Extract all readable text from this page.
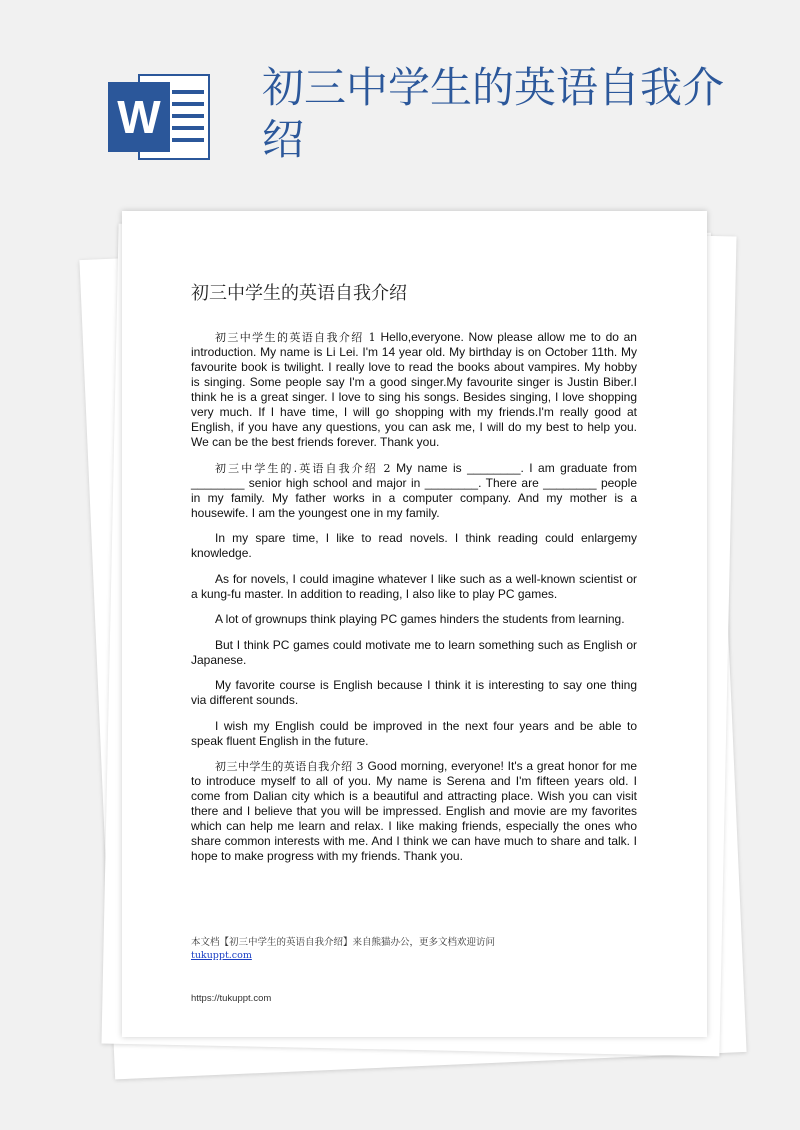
W
初三中学生的英语自我介绍
初三中学生的英语自我介绍

初三中学生的英语自我介绍 1 Hello,everyone. Now please allow me to do an introduction. My name is Li Lei. I'm 14 year old. My birthday is on October 11th. My favourite book is twilight. I really love to read the books about vampires. My hobby is singing. Some people say I'm a good singer.My favourite singer is Justin Biber.I think he is a great singer. I love to sing his songs. Besides singing, I love shopping very much. If I have time, I will go shopping with my friends.I'm really good at English, if you have any questions, you can ask me, I will do my best to help you. We can be the best friends forever. Thank you.

初三中学生的.英语自我介绍 2 My name is ________. I am graduate from ________ senior high school and major in ________. There are ________ people in my family. My father works in a computer company. And my mother is a housewife. I am the youngest one in my family.

In my spare time, I like to read novels. I think reading could enlargemy knowledge.

As for novels, I could imagine whatever I like such as a well-known scientist or a kung-fu master. In addition to reading, I also like to play PC games.

A lot of grownups think playing PC games hinders the students from learning.

But I think PC games could motivate me to learn something such as English or Japanese.

My favorite course is English because I think it is interesting to say one thing via different sounds.

I wish my English could be improved in the next four years and be able to speak fluent English in the future.

初三中学生的英语自我介绍 3 Good morning, everyone! It's a great honor for me to introduce myself to all of you. My name is Serena and I'm fifteen years old. I come from Dalian city which is a beautiful and attracting place. Wish you can visit there and I believe that you will be impressed. English and movie are my favorites which can help me learn and relax. I like making friends, especially the ones who share common interests with me. And I think we can have much to share and talk. I hope to make progress with my friends. Thank you.

本文档【初三中学生的英语自我介绍】来自熊猫办公，更多文档欢迎访问
tukuppt.com
https://tukuppt.com
